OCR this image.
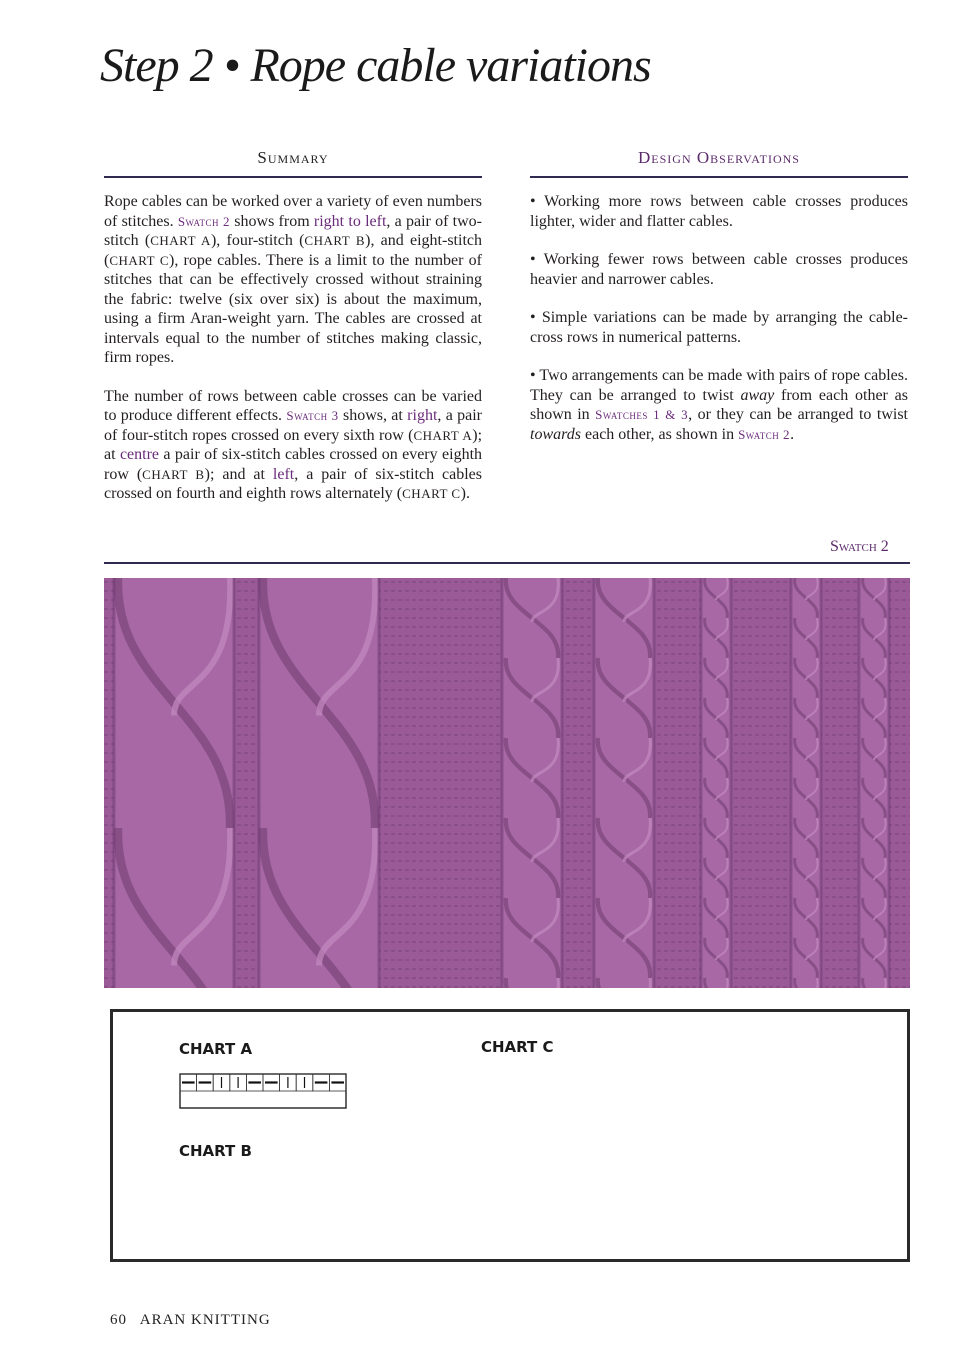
Step 2 • Rope cable variations
Summary

Rope cables can be worked over a variety of even numbers of stitches. Swatch 2 shows from right to left, a pair of two-stitch (CHART A), four-stitch (CHART B), and eight-stitch (CHART C), rope cables. There is a limit to the number of stitches that can be effectively crossed without straining the fabric: twelve (six over six) is about the maximum, using a firm Aran-weight yarn. The cables are crossed at intervals equal to the number of stitches making classic, firm ropes.

The number of rows between cable crosses can be varied to produce different effects. Swatch 3 shows, at right, a pair of four-stitch ropes crossed on every sixth row (CHART A); at centre a pair of six-stitch cables crossed on every eighth row (CHART B); and at left, a pair of six-stitch cables crossed on fourth and eighth rows alternately (CHART C).

Design Observations

• Working more rows between cable crosses produces lighter, wider and flatter cables.

• Working fewer rows between cable crosses produces heavier and narrower cables.

• Simple variations can be made by arranging the cable-cross rows in numerical patterns.

• Two arrangements can be made with pairs of rope cables. They can be arranged to twist away from each other as shown in Swatches 1 & 3, or they can be arranged to twist towards each other, as shown in Swatch 2.

Swatch 2
CHART A
CHART B
CHART C
60 ARAN KNITTING
